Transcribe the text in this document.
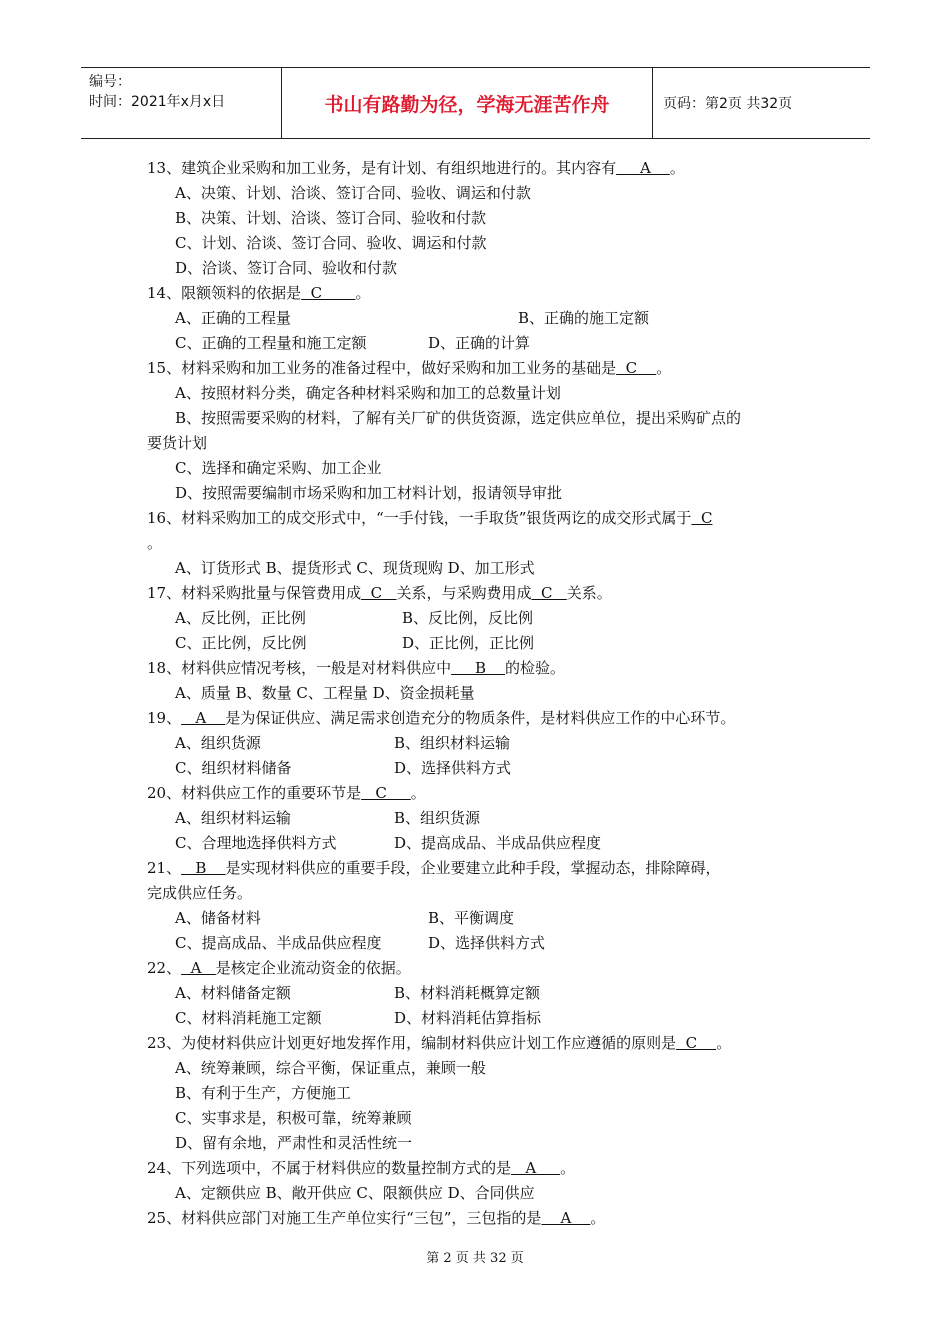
编号：
时间：2021年x月x日	书山有路勤为径，学海无涯苦作舟	页码：第2页 共32页
13、建筑企业采购和加工业务，是有计划、有组织地进行的。其内容有     A    。
A、决策、计划、洽谈、签订合同、验收、调运和付款
B、决策、计划、洽谈、签订合同、验收和付款
C、计划、洽谈、签订合同、验收、调运和付款
D、洽谈、签订合同、验收和付款
14、限额领料的依据是  C       。
A、正确的工程量	B、正确的施工定额
C、正确的工程量和施工定额	D、正确的计算
15、材料采购和加工业务的准备过程中，做好采购和加工业务的基础是  C    。
A、按照材料分类，确定各种材料采购和加工的总数量计划
B、按照需要采购的材料，了解有关厂矿的供货资源，选定供应单位，提出采购矿点的
要货计划
C、选择和确定采购、加工企业
D、按照需要编制市场采购和加工材料计划，报请领导审批
16、材料采购加工的成交形式中，“一手付钱，一手取货”银货两讫的成交形式属于  C
。
A、订货形式 B、提货形式 C、现货现购 D、加工形式
17、材料采购批量与保管费用成  C   关系，与采购费用成  C   关系。
A、反比例，正比例	B、反比例，反比例
C、正比例，反比例	D、正比例，正比例
18、材料供应情况考核，一般是对材料供应中     B    的检验。
A、质量 B、数量 C、工程量 D、资金损耗量
19、   A    是为保证供应、满足需求创造充分的物质条件，是材料供应工作的中心环节。
A、组织货源	B、组织材料运输
C、组织材料储备	D、选择供料方式
20、材料供应工作的重要环节是   C     。
A、组织材料运输	B、组织货源
C、合理地选择供料方式	D、提高成品、半成品供应程度
21、   B    是实现材料供应的重要手段，企业要建立此种手段，掌握动态，排除障碍，
完成供应任务。
A、储备材料	B、平衡调度
C、提高成品、半成品供应程度	D、选择供料方式
22、  A   是核定企业流动资金的依据。
A、材料储备定额	B、材料消耗概算定额
C、材料消耗施工定额	D、材料消耗估算指标
23、为使材料供应计划更好地发挥作用，编制材料供应计划工作应遵循的原则是  C    。
A、统筹兼顾，综合平衡，保证重点，兼顾一般
B、有利于生产，方便施工
C、实事求是，积极可靠，统筹兼顾
D、留有余地，严肃性和灵活性统一
24、下列选项中，不属于材料供应的数量控制方式的是   A     。
A、定额供应 B、敞开供应 C、限额供应 D、合同供应
25、材料供应部门对施工生产单位实行“三包”，三包指的是    A    。
第 2 页 共 32 页
